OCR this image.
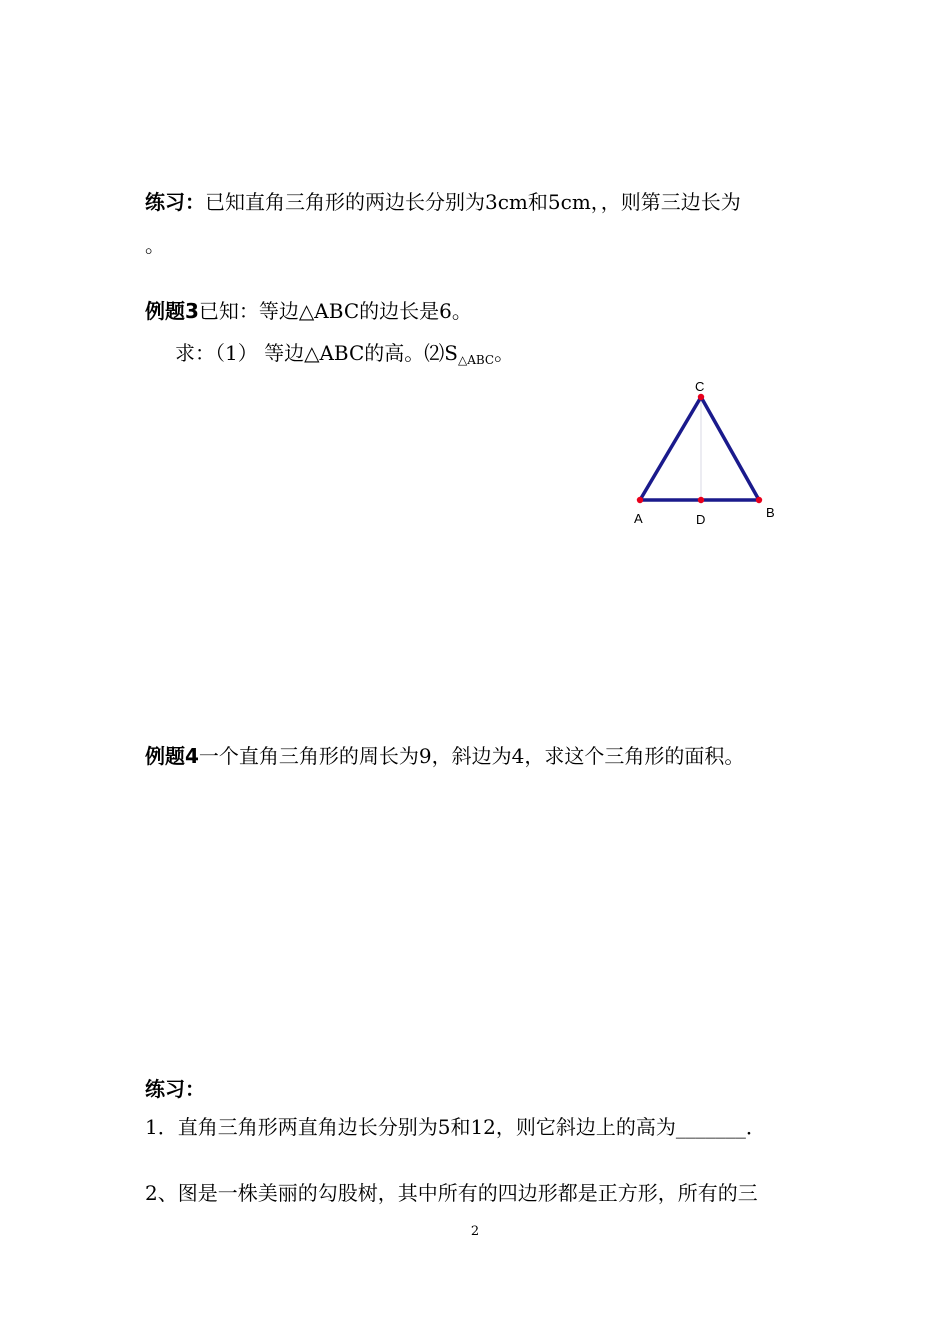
练习：已知直角三角形的两边长分别为3cm和5cm，，则第三边长为
。
例题3已知：等边△ABC的边长是6。
求：（1） 等边△ABC的高。$⑵S_{\triangle ABC}$。
A	B
C
D
例题4一个直角三角形的周长为9，斜边为4，求这个三角形的面积。
练习：
1．直角三角形两直角边长分别为5和12，则它斜边上的高为_______．
2、图是一株美丽的勾股树，其中所有的四边形都是正方形，所有的三
2
